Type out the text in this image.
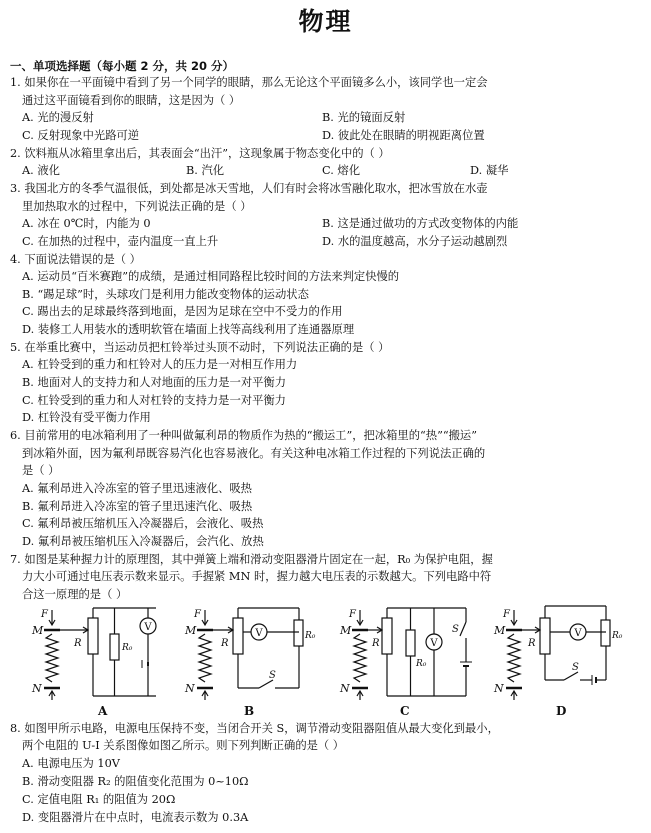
物理
一、单项选择题（每小题 2 分，共 20 分）
1. 如果你在一平面镜中看到了另一个同学的眼睛，那么无论这个平面镜多么小，该同学也一定会
通过这平面镜看到你的眼睛，这是因为（ ）
A. 光的漫反射	B. 光的镜面反射
C. 反射现象中光路可逆	D. 彼此处在眼睛的明视距离位置
2. 饮料瓶从冰箱里拿出后，其表面会“出汗”，这现象属于物态变化中的（ ）
A. 液化	B. 汽化	C. 熔化	D. 凝华
3. 我国北方的冬季气温很低，到处都是冰天雪地，人们有时会将冰雪融化取水，把冰雪放在水壶
里加热取水的过程中，下列说法正确的是（ ）
A. 冰在 0℃时，内能为 0	B. 这是通过做功的方式改变物体的内能
C. 在加热的过程中，壶内温度一直上升	D. 水的温度越高，水分子运动越剧烈
4. 下面说法错误的是（ ）
A. 运动员“百米赛跑”的成绩，是通过相同路程比较时间的方法来判定快慢的
B. “踢足球”时，头球攻门是利用力能改变物体的运动状态
C. 踢出去的足球最终落到地面，是因为足球在空中不受力的作用
D. 装修工人用装水的透明软管在墙面上找等高线利用了连通器原理
5. 在举重比赛中，当运动员把杠铃举过头顶不动时，下列说法正确的是（ ）
A. 杠铃受到的重力和杠铃对人的压力是一对相互作用力
B. 地面对人的支持力和人对地面的压力是一对平衡力
C. 杠铃受到的重力和人对杠铃的支持力是一对平衡力
D. 杠铃没有受平衡力作用
6. 目前常用的电冰箱利用了一种叫做氟利昂的物质作为热的“搬运工”，把冰箱里的“热”“搬运”
到冰箱外面，因为氟利昂既容易汽化也容易液化。有关这种电冰箱工作过程的下列说法正确的
是（ ）
A. 氟利昂进入冷冻室的管子里迅速液化、吸热
B. 氟利昂进入冷冻室的管子里迅速汽化、吸热
C. 氟利昂被压缩机压入冷凝器后，会液化、吸热
D. 氟利昂被压缩机压入冷凝器后，会汽化、放热
7. 如图是某种握力计的原理图，其中弹簧上端和滑动变阻器滑片固定在一起，R₀ 为保护电阻，握
力大小可通过电压表示数来显示。手握紧 MN 时，握力越大电压表的示数越大。下列电路中符
合这一原理的是（ ）
V
M
N
F
R	R₀
A
V
M
N
F
R
R₀
S
B
V
M
N
F
R
R₀
S
C
V
M
N
F
R
R₀
S
D
8. 如图甲所示电路，电源电压保持不变，当闭合开关 S，调节滑动变阻器阻值从最大变化到最小，
两个电阻的 U-I 关系图像如图乙所示。则下列判断正确的是（ ）
A. 电源电压为 10V
B. 滑动变阻器 R₂ 的阻值变化范围为 0~10Ω
C. 定值电阻 R₁ 的阻值为 20Ω
D. 变阻器滑片在中点时，电流表示数为 0.3A
